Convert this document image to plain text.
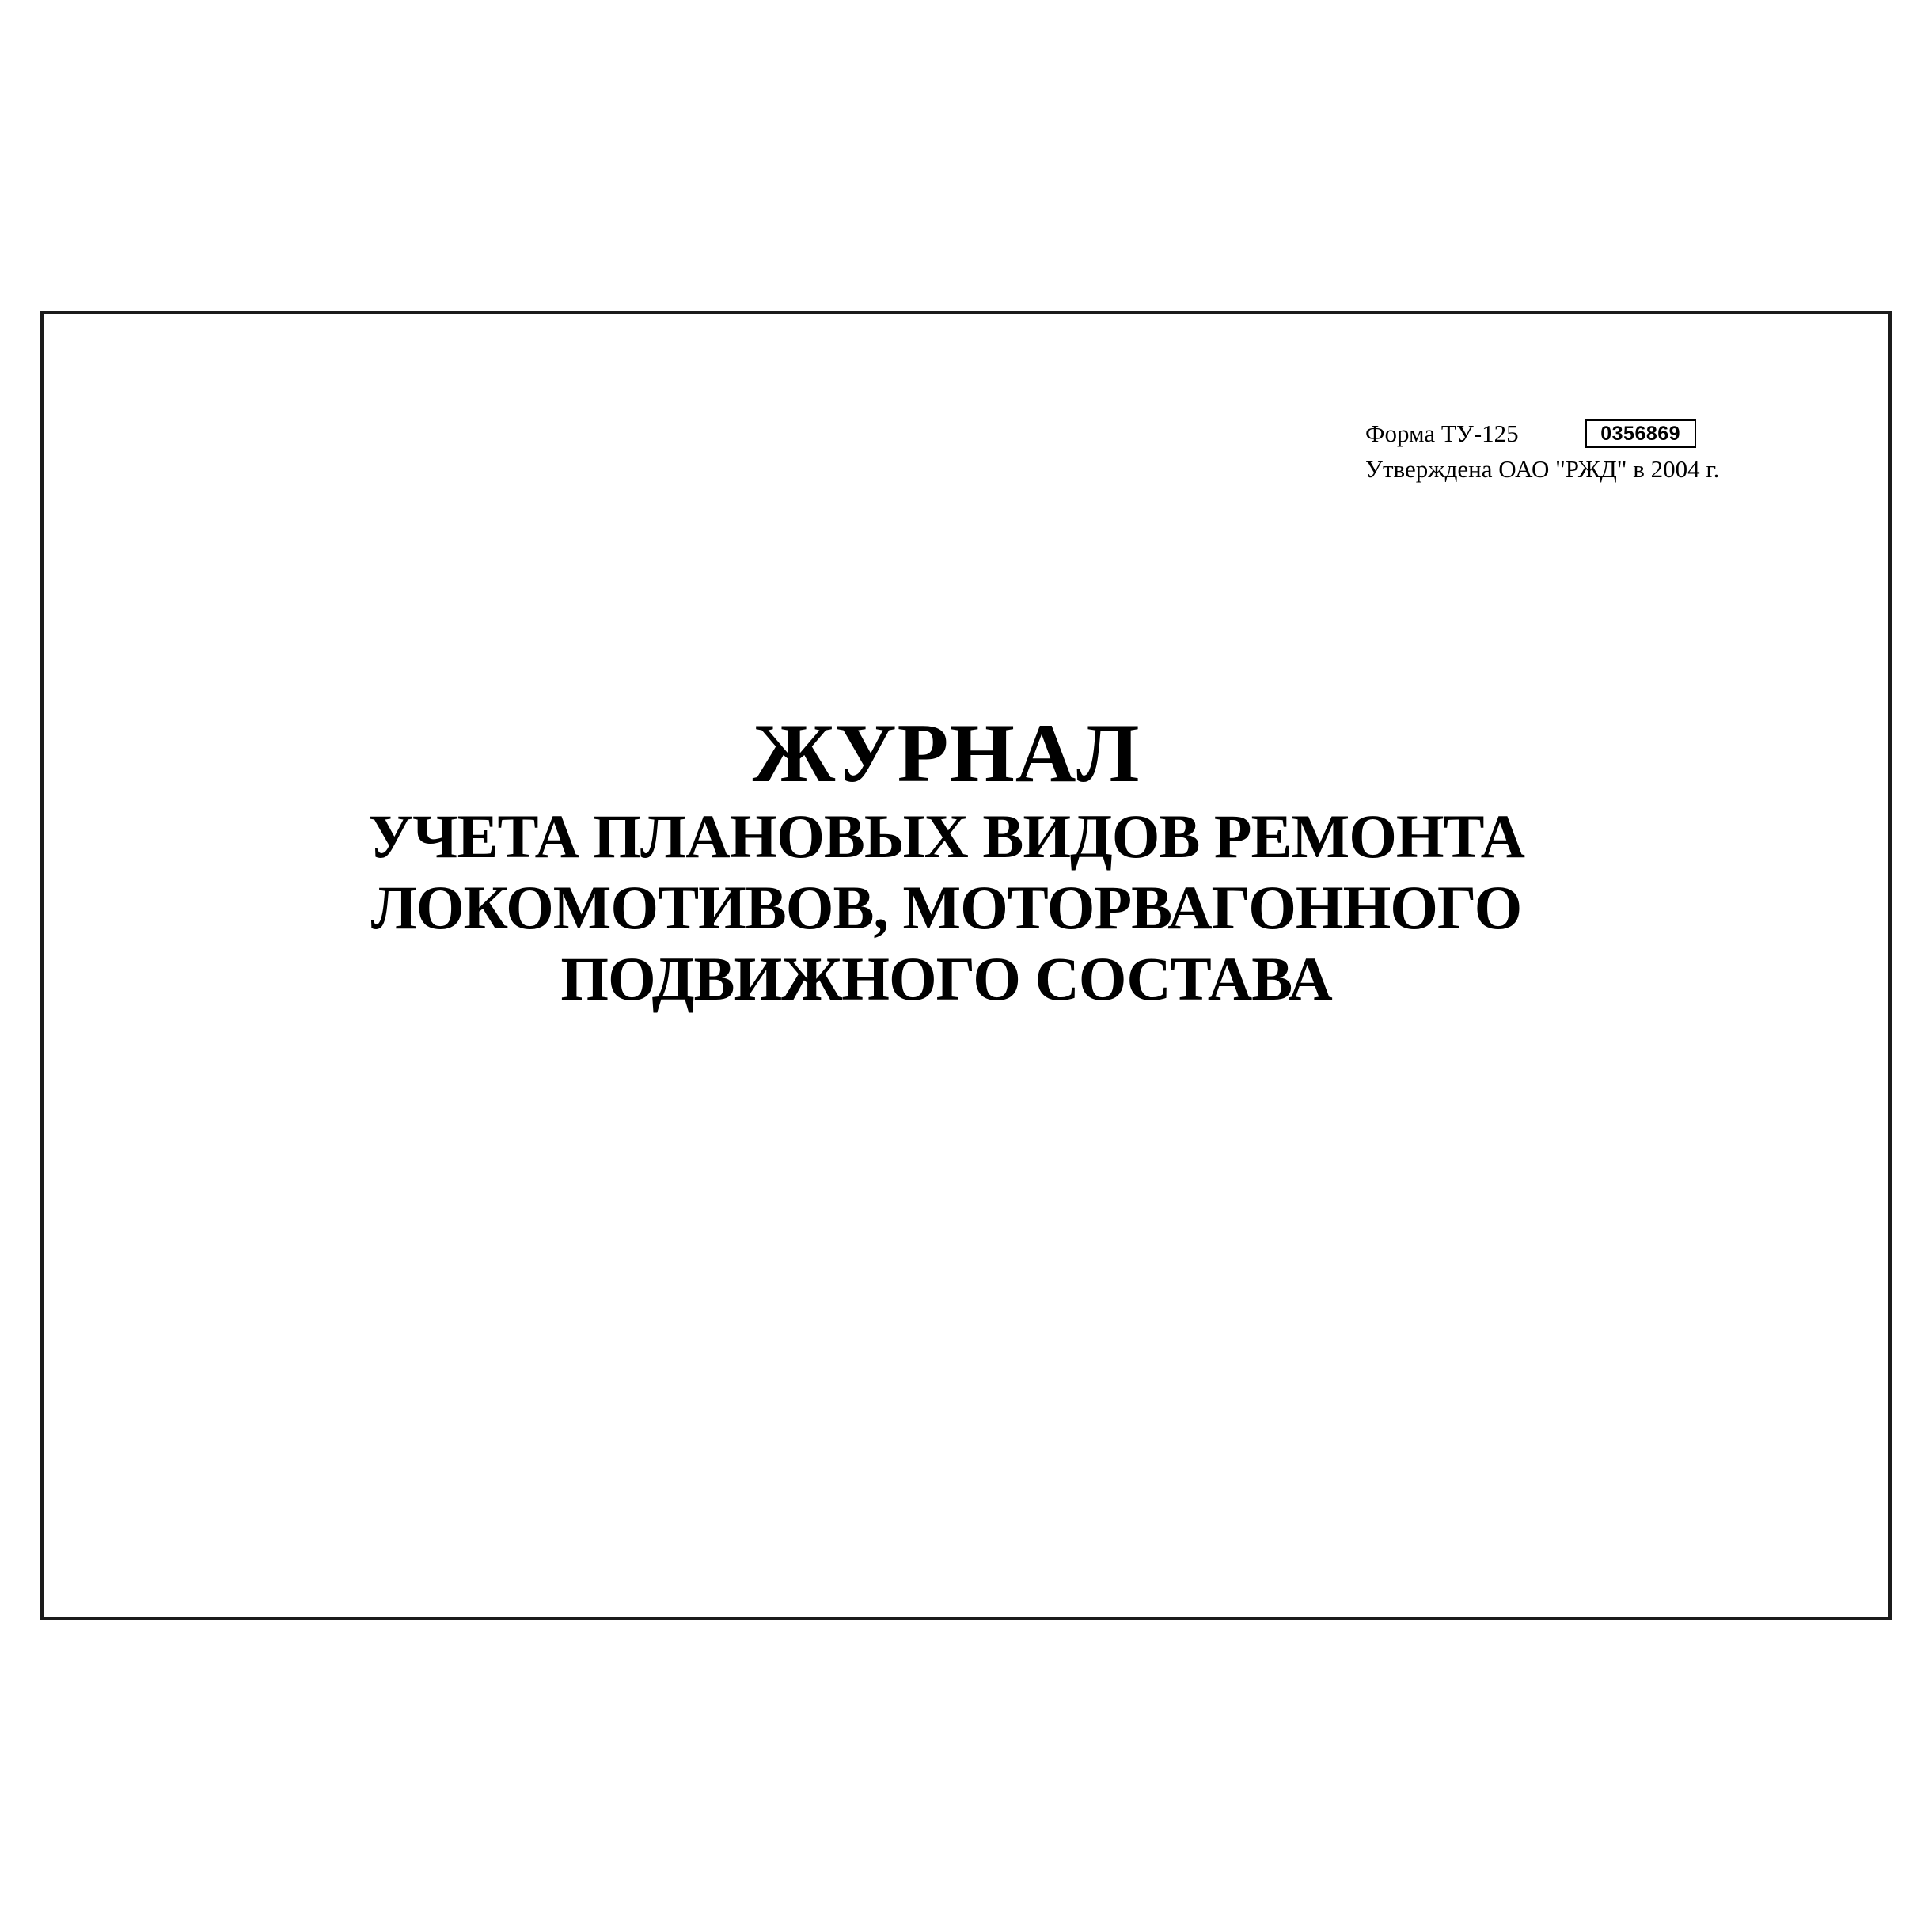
Форма ТУ-125	0356869
Утверждена ОАО "РЖД" в 2004 г.
ЖУРНАЛ
УЧЕТА ПЛАНОВЫХ ВИДОВ РЕМОНТА
ЛОКОМОТИВОВ, МОТОРВАГОННОГО
ПОДВИЖНОГО СОСТАВА
